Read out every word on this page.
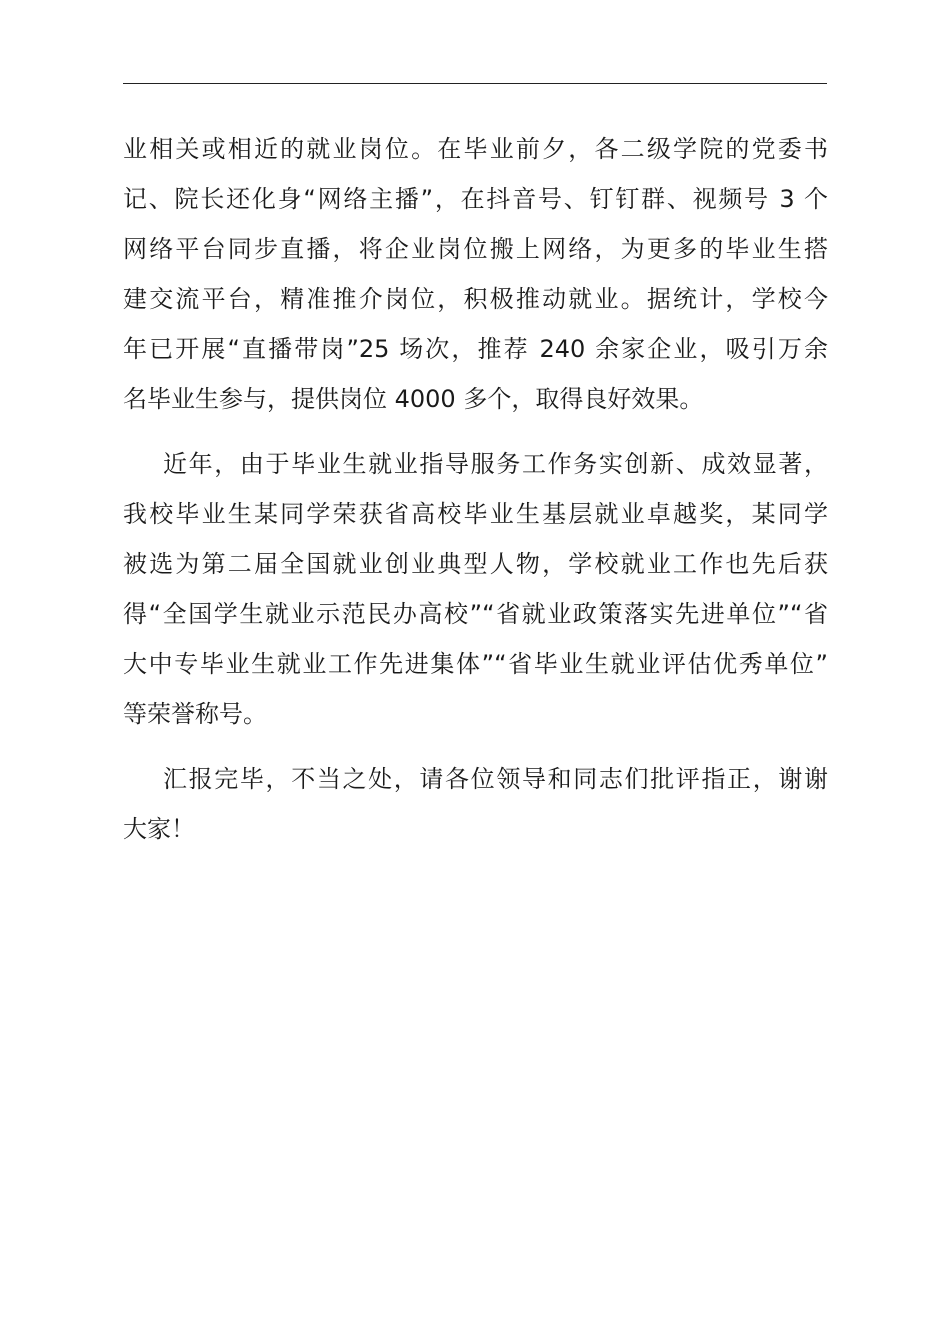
业相关或相近的就业岗位。在毕业前夕，各二级学院的党委书
记、院长还化身“网络主播”，在抖音号、钉钉群、视频号 3 个
网络平台同步直播，将企业岗位搬上网络，为更多的毕业生搭
建交流平台，精准推介岗位，积极推动就业。据统计，学校今
年已开展“直播带岗”25 场次，推荐 240 余家企业，吸引万余
名毕业生参与，提供岗位 4000 多个，取得良好效果。
近年，由于毕业生就业指导服务工作务实创新、成效显著，
我校毕业生某同学荣获省高校毕业生基层就业卓越奖，某同学
被选为第二届全国就业创业典型人物，学校就业工作也先后获
得“全国学生就业示范民办高校”“省就业政策落实先进单位”“省
大中专毕业生就业工作先进集体”“省毕业生就业评估优秀单位”
等荣誉称号。
汇报完毕，不当之处，请各位领导和同志们批评指正，谢谢
大家！
